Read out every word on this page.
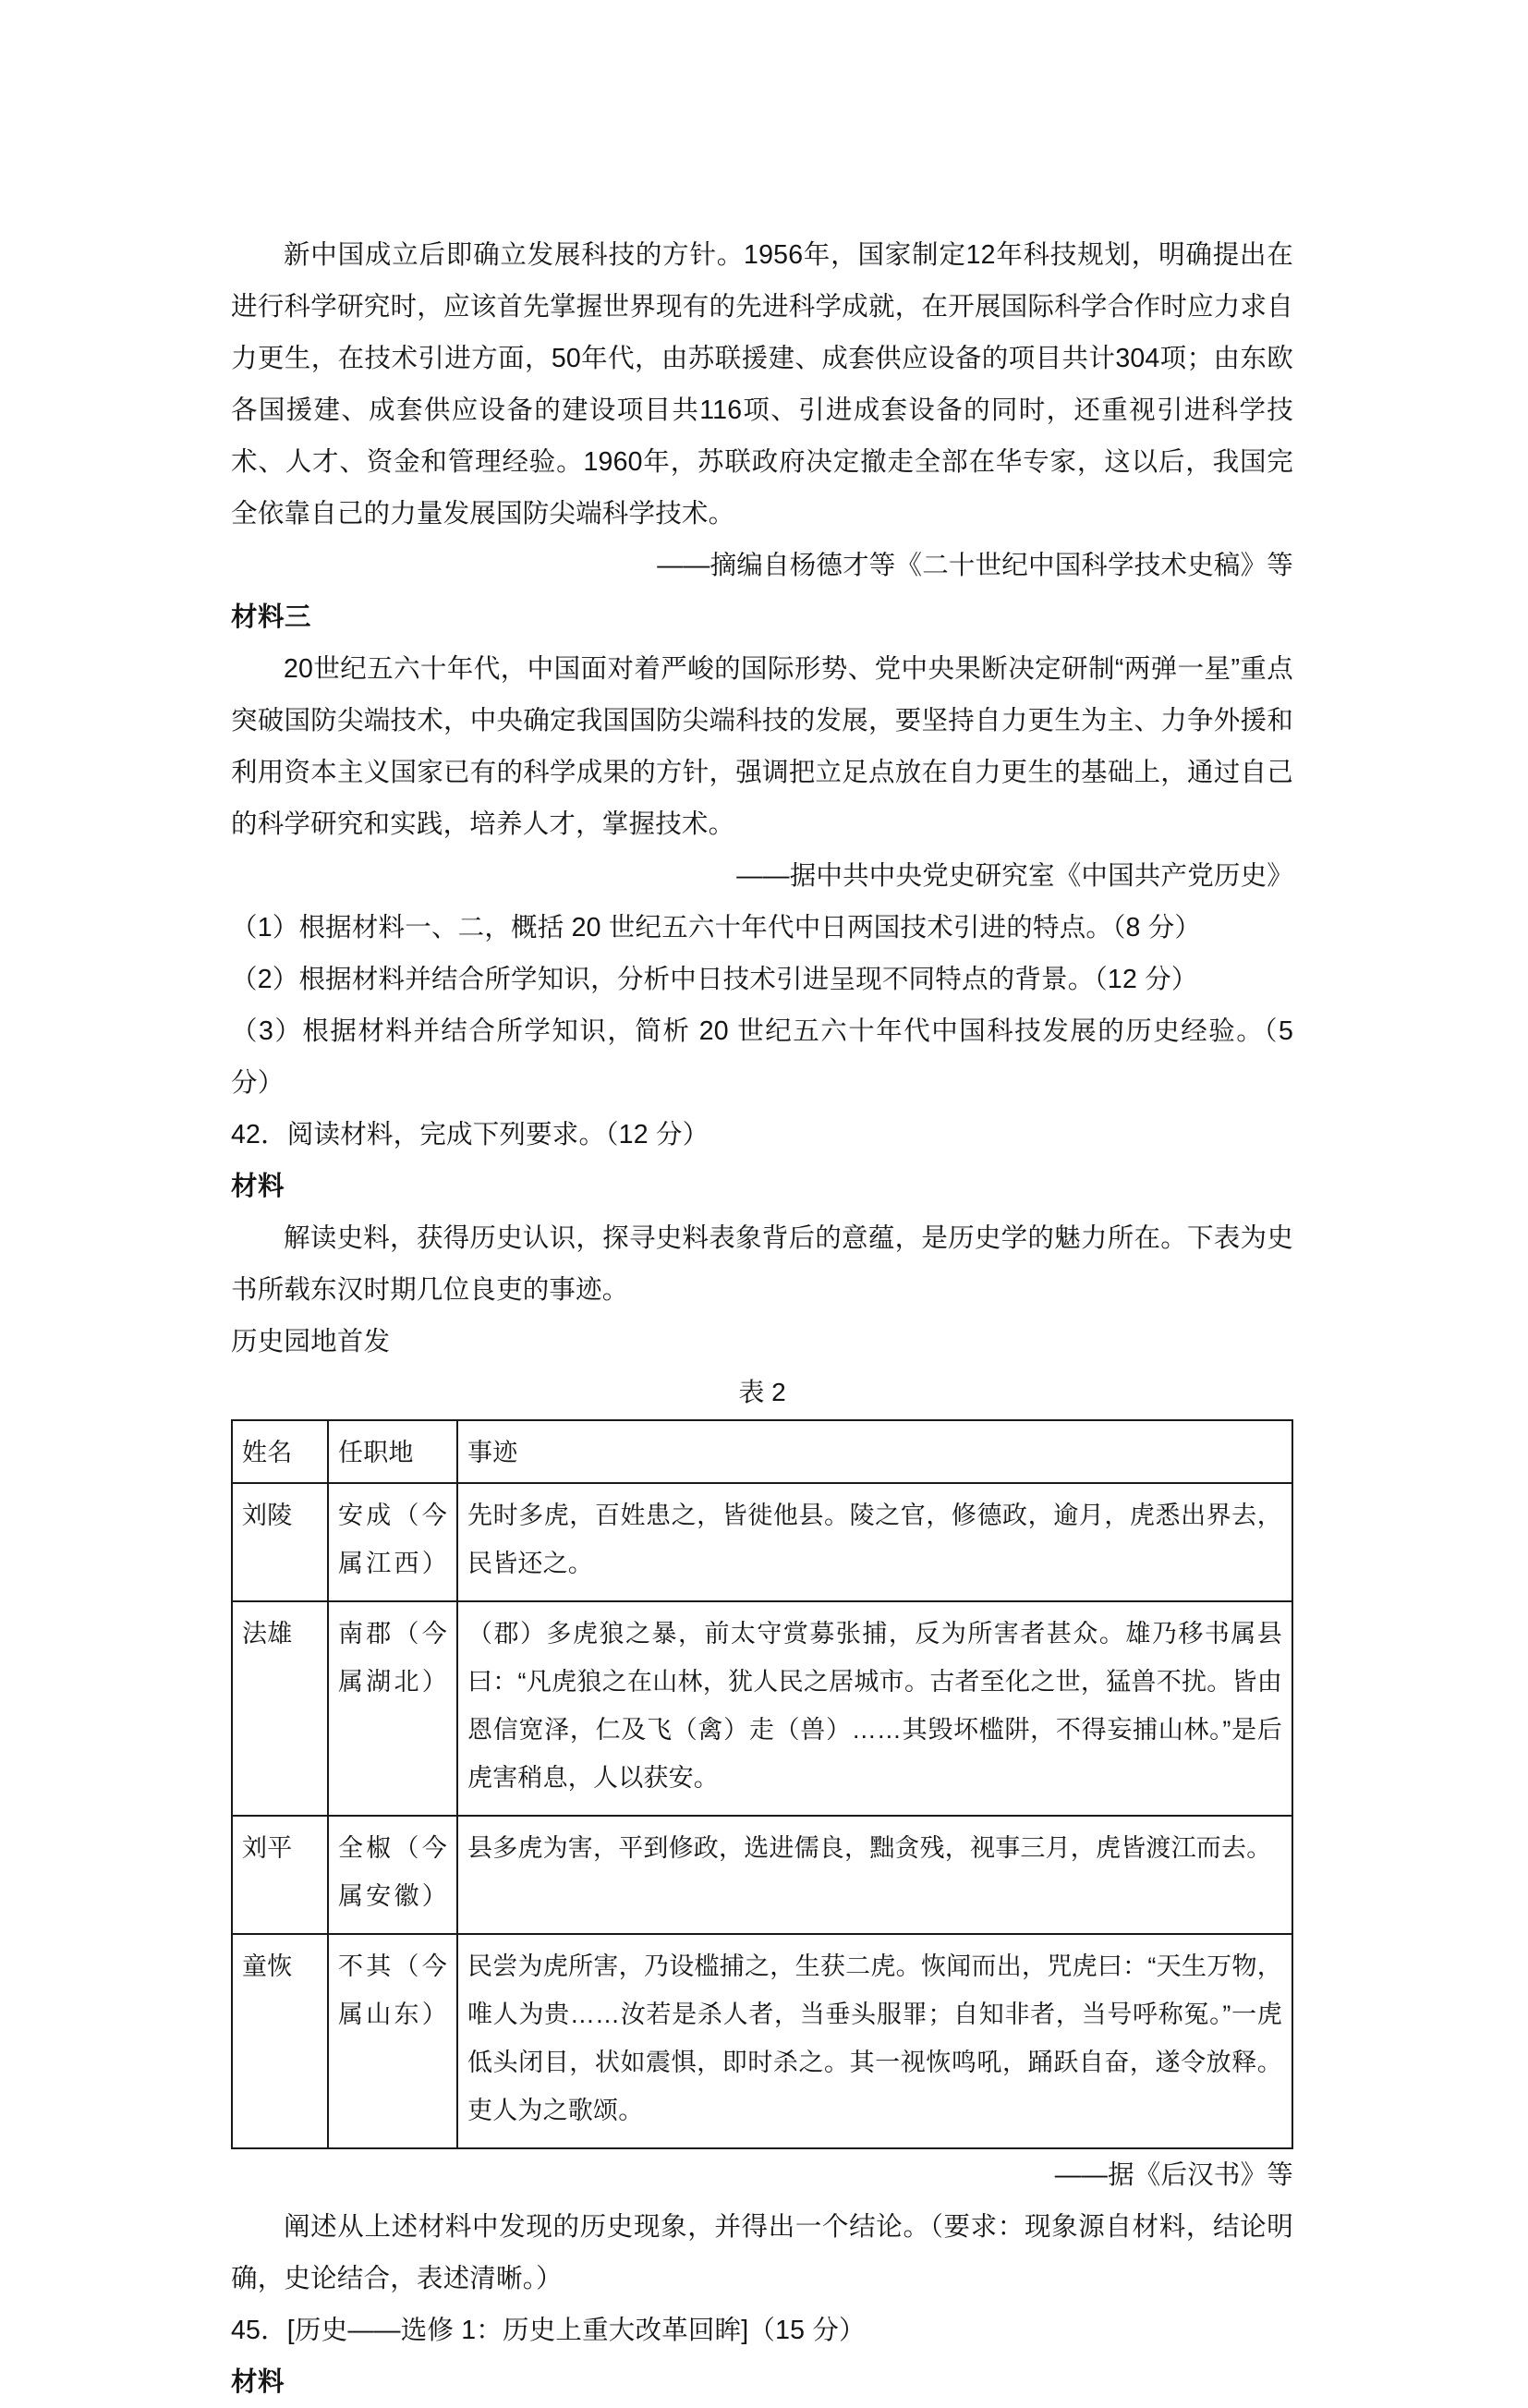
新中国成立后即确立发展科技的方针。1956年，国家制定12年科技规划，明确提出在进行科学研究时，应该首先掌握世界现有的先进科学成就，在开展国际科学合作时应力求自力更生，在技术引进方面，50年代，由苏联援建、成套供应设备的项目共计304项；由东欧各国援建、成套供应设备的建设项目共116项、引进成套设备的同时，还重视引进科学技术、人才、资金和管理经验。1960年，苏联政府决定撤走全部在华专家，这以后，我国完全依靠自己的力量发展国防尖端科学技术。

——摘编自杨德才等《二十世纪中国科学技术史稿》等

材料三

20世纪五六十年代，中国面对着严峻的国际形势、党中央果断决定研制“两弹一星”重点突破国防尖端技术，中央确定我国国防尖端科技的发展，要坚持自力更生为主、力争外援和利用资本主义国家已有的科学成果的方针，强调把立足点放在自力更生的基础上，通过自己的科学研究和实践，培养人才，掌握技术。

——据中共中央党史研究室《中国共产党历史》

（1）根据材料一、二，概括 20 世纪五六十年代中日两国技术引进的特点。（8 分）

（2）根据材料并结合所学知识，分析中日技术引进呈现不同特点的背景。（12 分）

（3）根据材料并结合所学知识，简析 20 世纪五六十年代中国科技发展的历史经验。（5 分）

42．阅读材料，完成下列要求。（12 分）

材料

解读史料，获得历史认识，探寻史料表象背后的意蕴，是历史学的魅力所在。下表为史书所载东汉时期几位良吏的事迹。

历史园地首发

表 2

姓名	任职地	事迹
刘陵	安成（今属江西）	先时多虎，百姓患之，皆徙他县。陵之官，修德政，逾月，虎悉出界去，民皆还之。
法雄	南郡（今属湖北）	（郡）多虎狼之暴，前太守赏募张捕，反为所害者甚众。雄乃移书属县曰：“凡虎狼之在山林，犹人民之居城市。古者至化之世，猛兽不扰。皆由恩信宽泽，仁及飞（禽）走（兽）……其毁坏槛阱，不得妄捕山林。”是后虎害稍息，人以获安。
刘平	全椒（今属安徽）	县多虎为害，平到修政，选进儒良，黜贪残，视事三月，虎皆渡江而去。
童恢	不其（今属山东）	民尝为虎所害，乃设槛捕之，生获二虎。恢闻而出，咒虎曰：“天生万物，唯人为贵……汝若是杀人者，当垂头服罪；自知非者，当号呼称冤。”一虎低头闭目，状如震惧，即时杀之。其一视恢鸣吼，踊跃自奋，遂令放释。吏人为之歌颂。

——据《后汉书》等

阐述从上述材料中发现的历史现象，并得出一个结论。（要求：现象源自材料，结论明确，史论结合，表述清晰。）

45．[历史——选修 1：历史上重大改革回眸]（15 分）

材料
